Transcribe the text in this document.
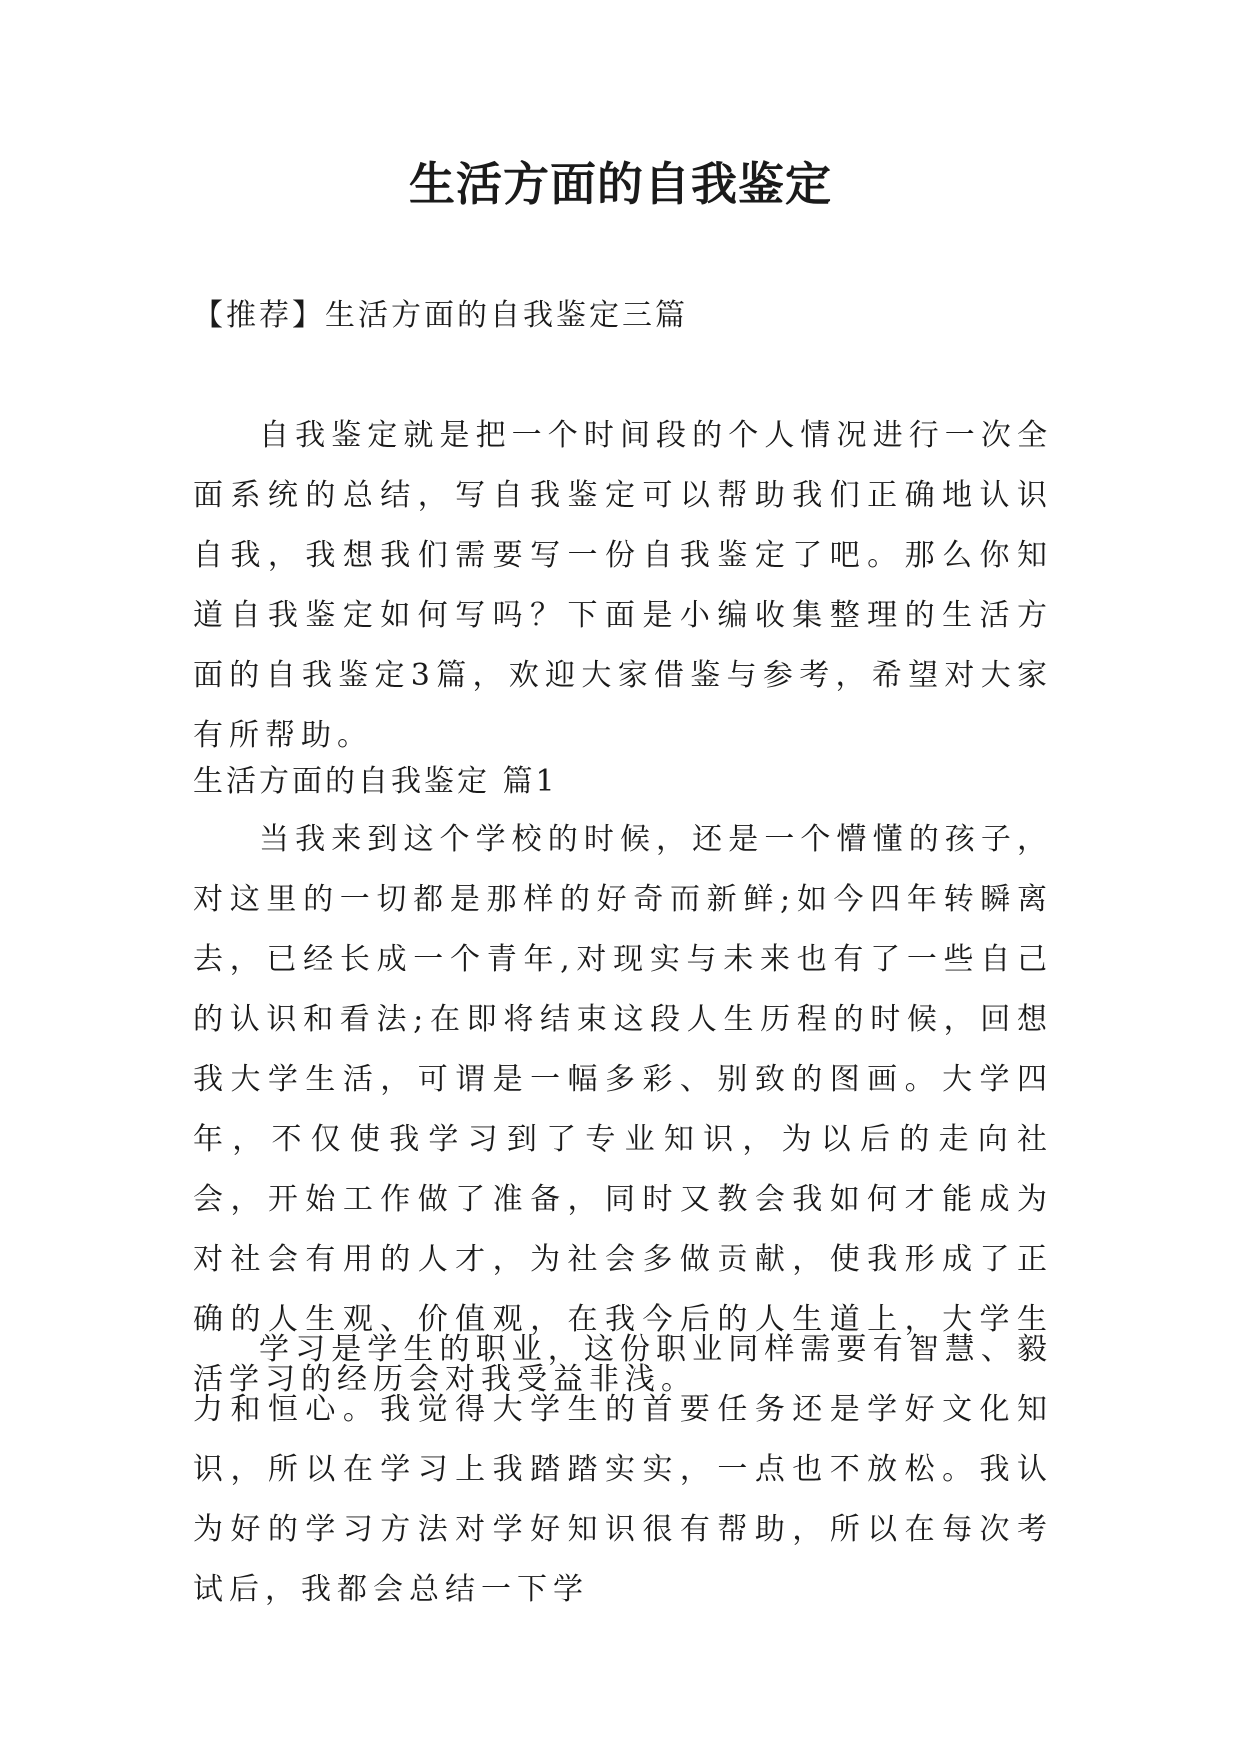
生活方面的自我鉴定

【推荐】生活方面的自我鉴定三篇

自我鉴定就是把一个时间段的个人情况进行一次全面系统的总结，写自我鉴定可以帮助我们正确地认识自我，我想我们需要写一份自我鉴定了吧。那么你知道自我鉴定如何写吗？下面是小编收集整理的生活方面的自我鉴定3篇，欢迎大家借鉴与参考，希望对大家有所帮助。

生活方面的自我鉴定 篇1

当我来到这个学校的时候，还是一个懵懂的孩子，对这里的一切都是那样的好奇而新鲜;如今四年转瞬离去，已经长成一个青年,对现实与未来也有了一些自己的认识和看法;在即将结束这段人生历程的时候，回想我大学生活，可谓是一幅多彩、别致的图画。大学四年，不仅使我学习到了专业知识，为以后的走向社会，开始工作做了准备，同时又教会我如何才能成为对社会有用的人才，为社会多做贡献，使我形成了正确的人生观、价值观，在我今后的人生道上，大学生活学习的经历会对我受益非浅。

学习是学生的职业，这份职业同样需要有智慧、毅力和恒心。我觉得大学生的首要任务还是学好文化知识，所以在学习上我踏踏实实，一点也不放松。我认为好的学习方法对学好知识很有帮助，所以在每次考试后，我都会总结一下学
